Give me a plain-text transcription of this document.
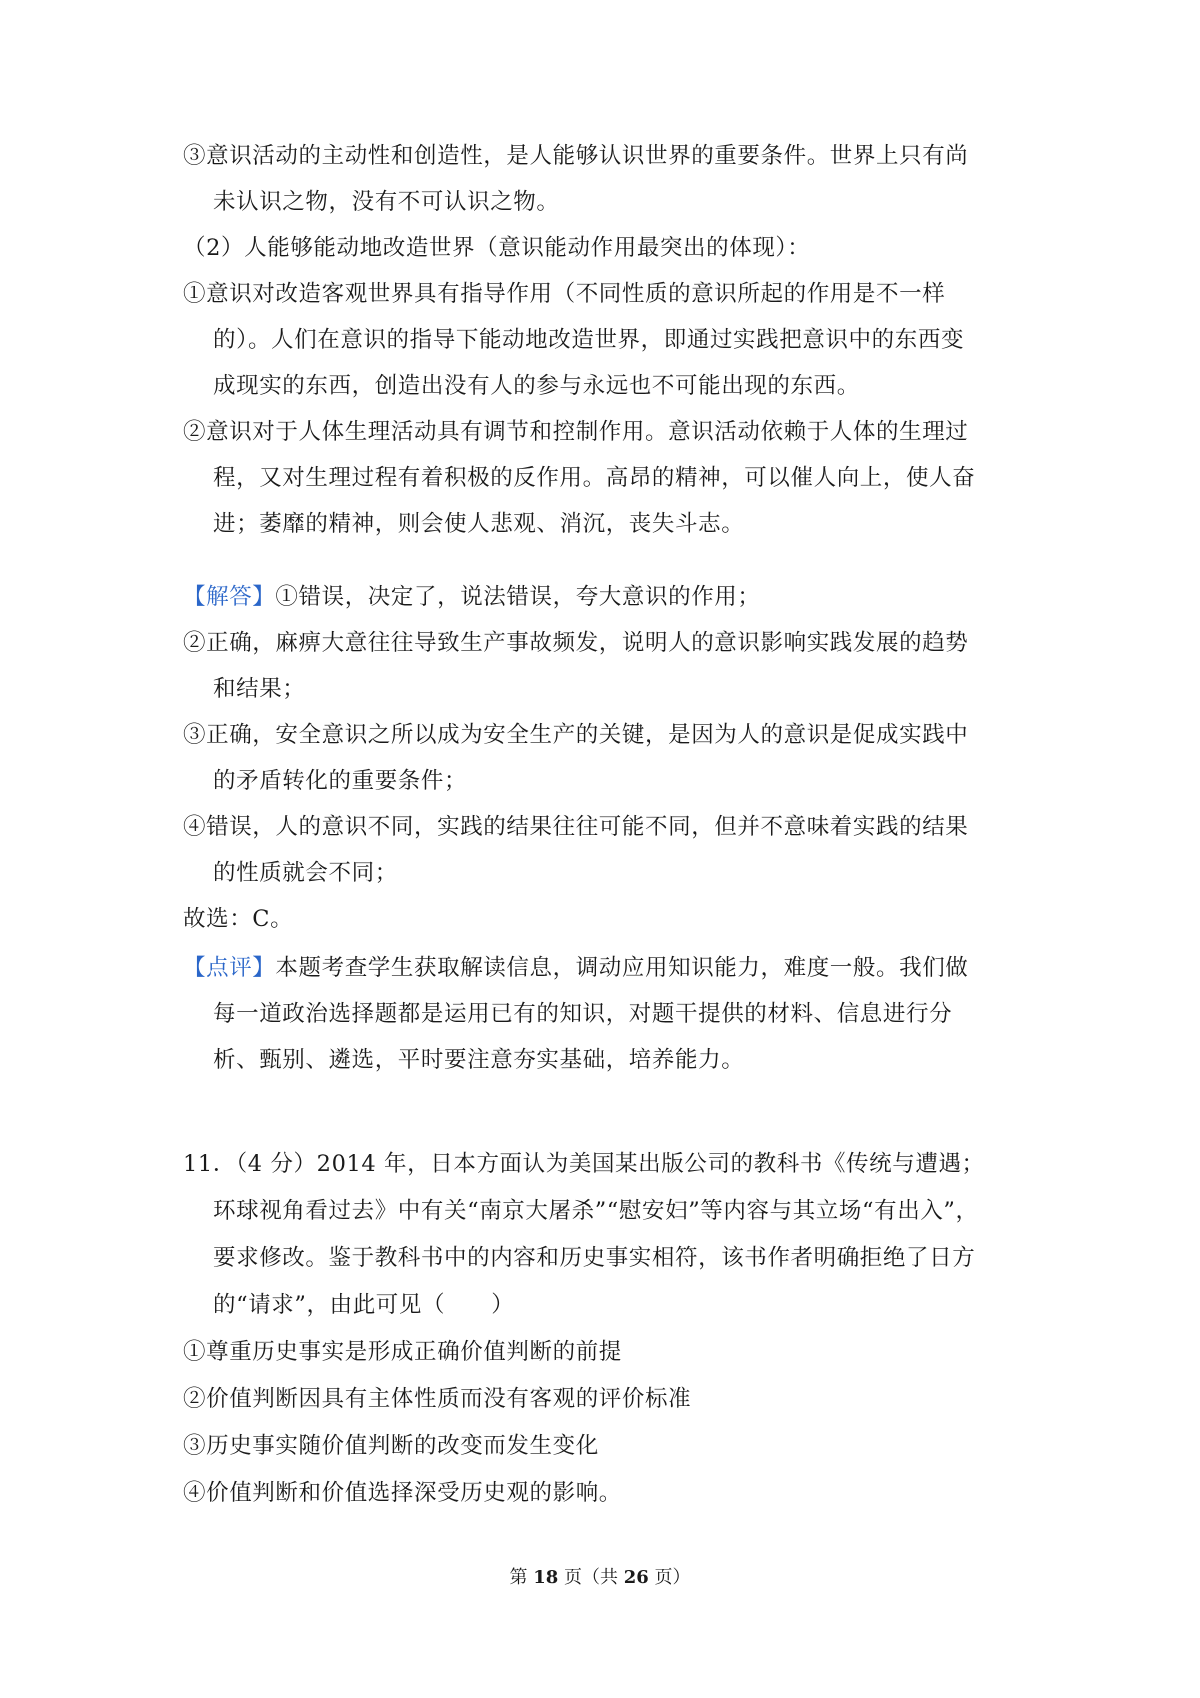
③意识活动的主动性和创造性，是人能够认识世界的重要条件。世界上只有尚
未认识之物，没有不可认识之物。
（2）人能够能动地改造世界（意识能动作用最突出的体现）：
①意识对改造客观世界具有指导作用（不同性质的意识所起的作用是不一样
的）。人们在意识的指导下能动地改造世界，即通过实践把意识中的东西变
成现实的东西，创造出没有人的参与永远也不可能出现的东西。
②意识对于人体生理活动具有调节和控制作用。意识活动依赖于人体的生理过
程，又对生理过程有着积极的反作用。高昂的精神，可以催人向上，使人奋
进；萎靡的精神，则会使人悲观、消沉，丧失斗志。
【解答】①错误，决定了，说法错误，夸大意识的作用；
②正确，麻痹大意往往导致生产事故频发，说明人的意识影响实践发展的趋势
和结果；
③正确，安全意识之所以成为安全生产的关键，是因为人的意识是促成实践中
的矛盾转化的重要条件；
④错误，人的意识不同，实践的结果往往可能不同，但并不意味着实践的结果
的性质就会不同；
故选：C。
【点评】本题考查学生获取解读信息，调动应用知识能力，难度一般。我们做
每一道政治选择题都是运用已有的知识，对题干提供的材料、信息进行分
析、甄别、遴选，平时要注意夯实基础，培养能力。
11．（4 分）2014 年，日本方面认为美国某出版公司的教科书《传统与遭遇；
环球视角看过去》中有关“南京大屠杀”“慰安妇”等内容与其立场“有出入”，
要求修改。鉴于教科书中的内容和历史事实相符，该书作者明确拒绝了日方
的“请求”，由此可见（　　）
①尊重历史事实是形成正确价值判断的前提
②价值判断因具有主体性质而没有客观的评价标准
③历史事实随价值判断的改变而发生变化
④价值判断和价值选择深受历史观的影响。
第 18 页（共 26 页）
